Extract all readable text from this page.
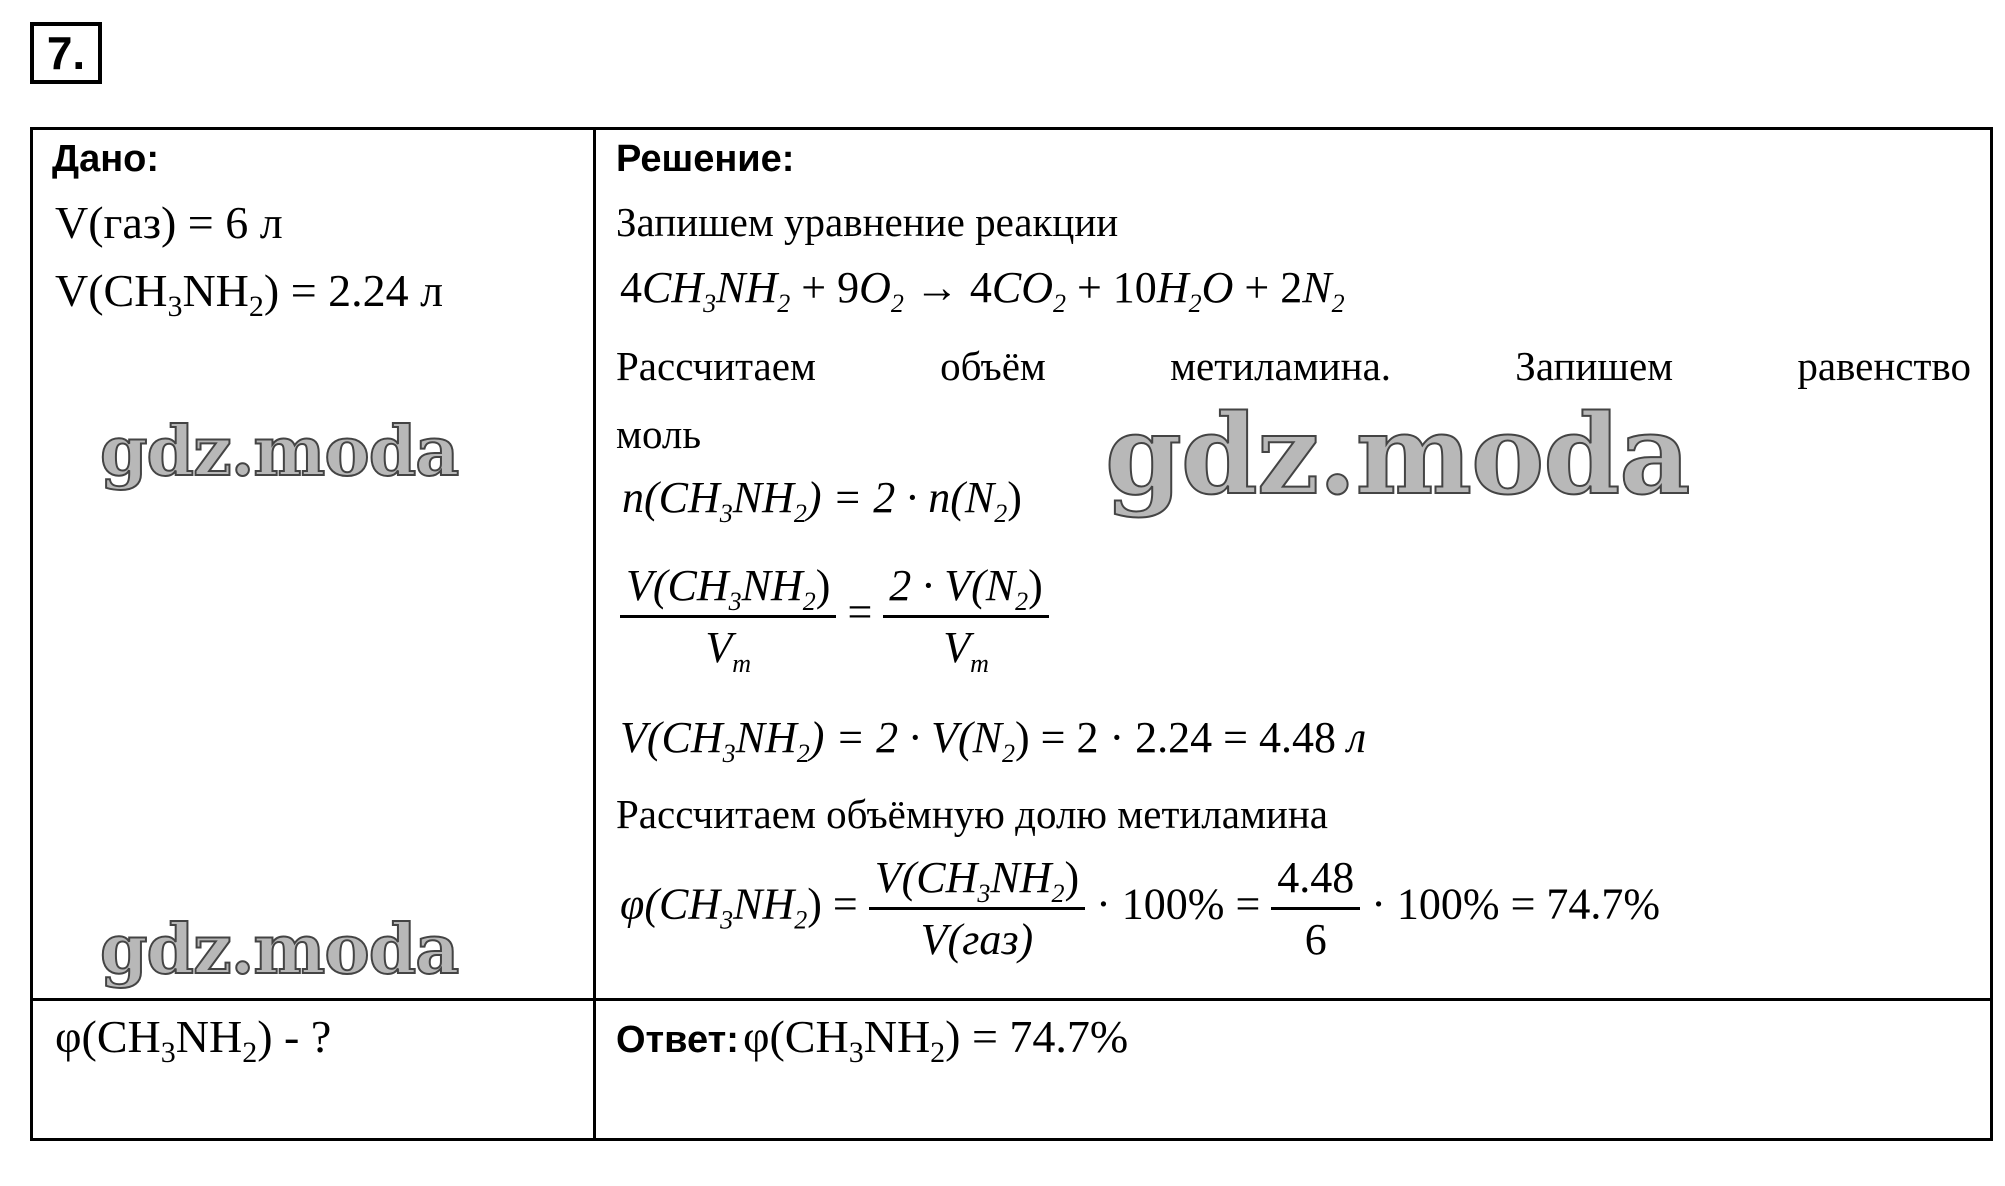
7.
Дано:
V(газ) = 6 л
$V(CH_3NH_2) = 2.24$ л
$\varphi(CH_3NH_2)$ - ?
gdz.moda
gdz.moda
gdz.moda
Решение:
Запишем уравнение реакции
$4CH_3NH_2 + 9O_2 \to 4CO_2 + 10H_2O + 2N_2$
Рассчитаем объём метиламина. Запишем равенство
моль
$n(CH_3NH_2) = 2 \cdot n(N_2)$
$\frac{V(CH_3NH_2)}{V_m} = \frac{2 \cdot V(N_2)}{V_m}$
$V(CH_3NH_2) = 2 \cdot V(N_2) = 2 \cdot 2.24 = 4.48$ л
Рассчитаем объёмную долю метиламина
$\varphi(CH_3NH_2) = \frac{V(CH_3NH_2)}{\text{V(газ)}} \cdot 100\% = \frac{4.48}{6} \cdot 100\% = 74.7\%$
Ответ: $\varphi(CH_3NH_2) = 74.7\%$
